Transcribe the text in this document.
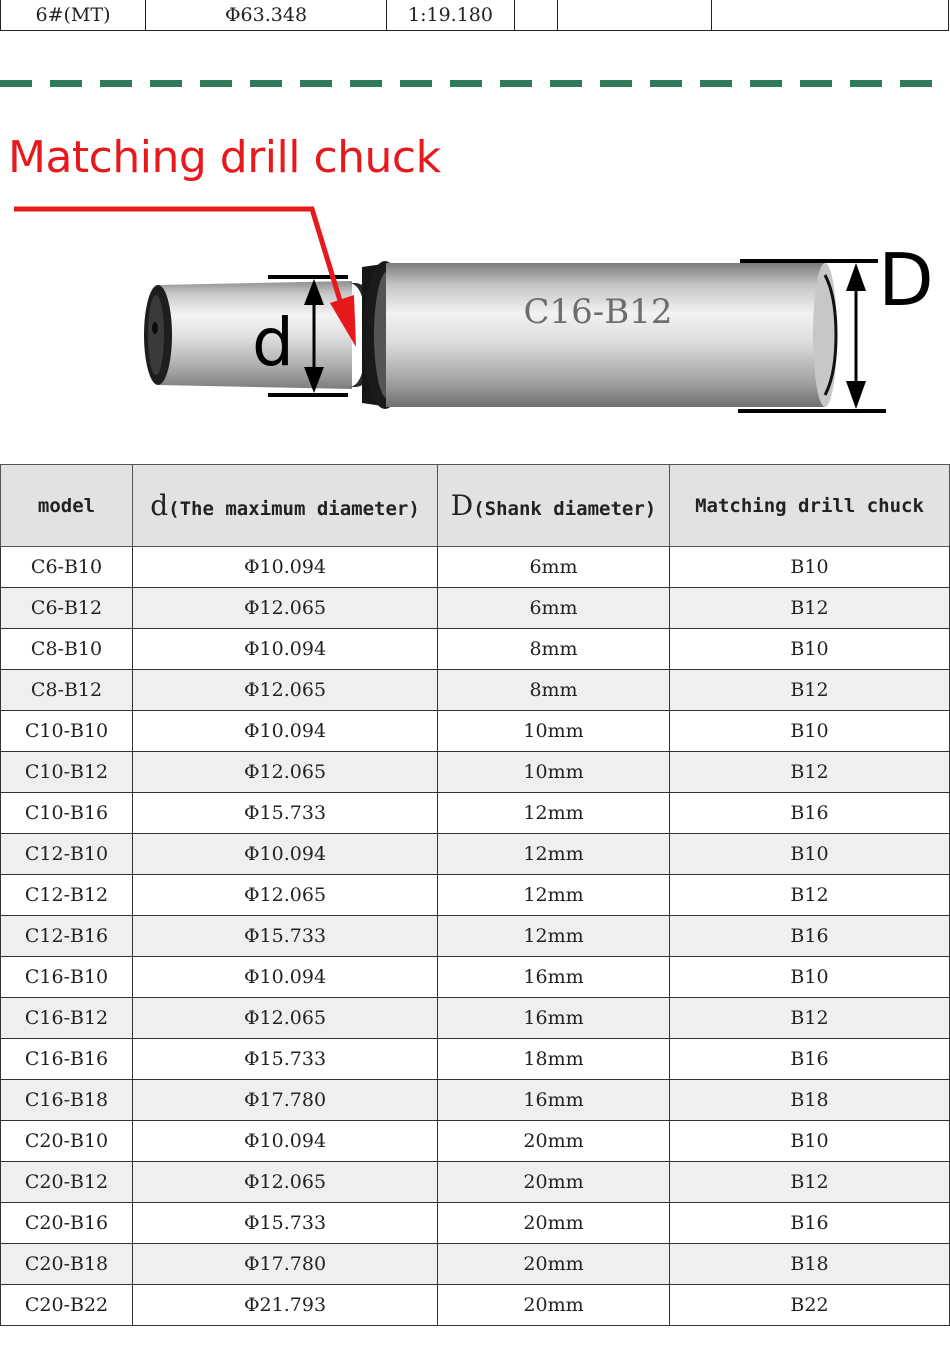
6#(MT)	Φ63.348	1:19.180			
Matching drill chuck
C16-B12
d
D
model	d(The maximum diameter)	D(Shank diameter)	Matching drill chuck
C6-B10	Φ10.094	6mm	B10
C6-B12	Φ12.065	6mm	B12
C8-B10	Φ10.094	8mm	B10
C8-B12	Φ12.065	8mm	B12
C10-B10	Φ10.094	10mm	B10
C10-B12	Φ12.065	10mm	B12
C10-B16	Φ15.733	12mm	B16
C12-B10	Φ10.094	12mm	B10
C12-B12	Φ12.065	12mm	B12
C12-B16	Φ15.733	12mm	B16
C16-B10	Φ10.094	16mm	B10
C16-B12	Φ12.065	16mm	B12
C16-B16	Φ15.733	18mm	B16
C16-B18	Φ17.780	16mm	B18
C20-B10	Φ10.094	20mm	B10
C20-B12	Φ12.065	20mm	B12
C20-B16	Φ15.733	20mm	B16
C20-B18	Φ17.780	20mm	B18
C20-B22	Φ21.793	20mm	B22
